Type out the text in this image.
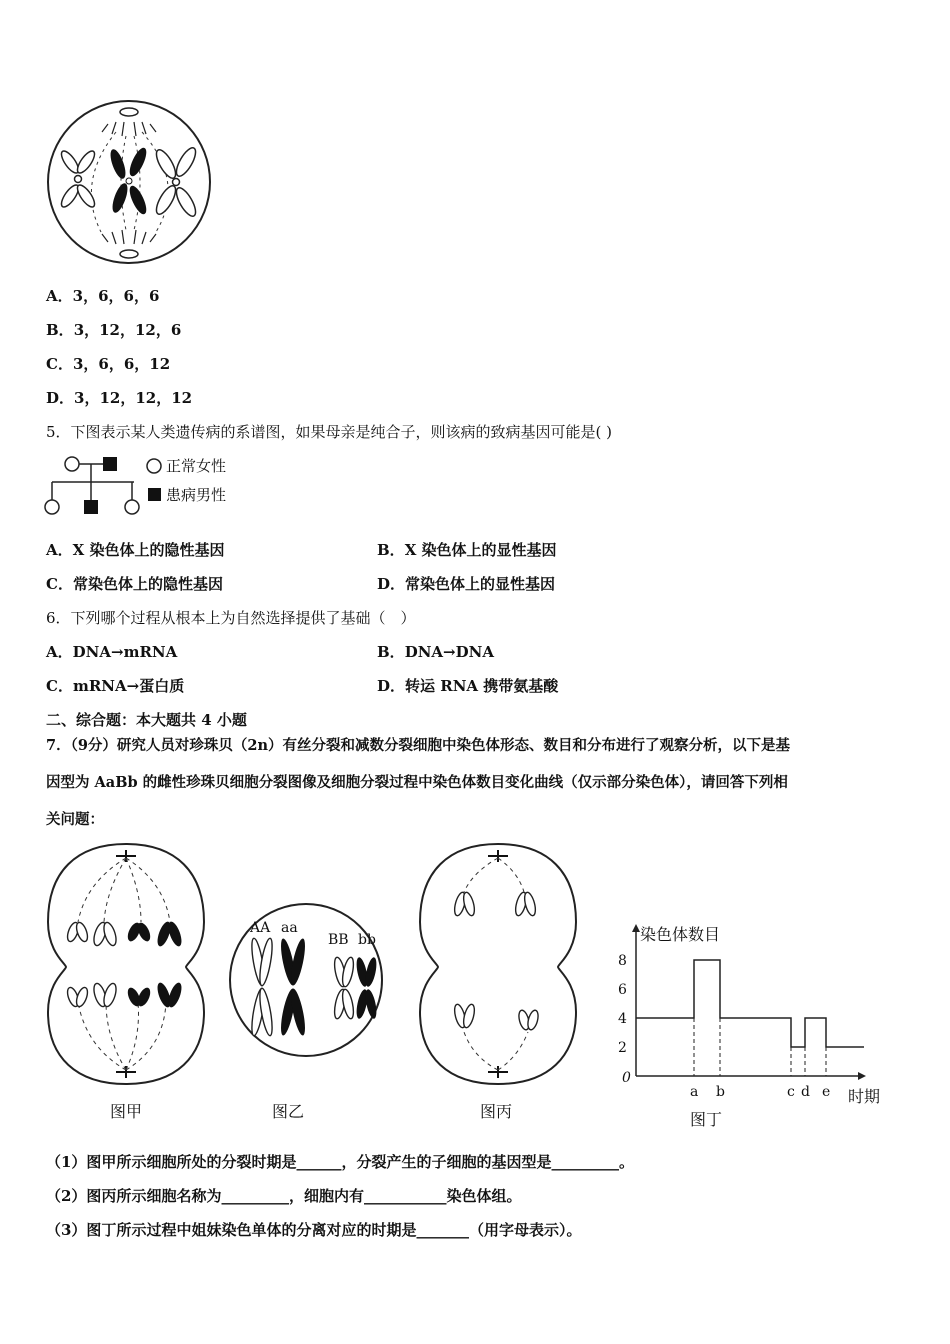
A．3，6，6，6
B．3，12，12，6
C．3，6，6，12
D．3，12，12，12
5．下图表示某人类遗传病的系谱图，如果母亲是纯合子，则该病的致病基因可能是( )
正常女性
患病男性
A．X 染色体上的隐性基因	B．X 染色体上的显性基因
C．常染色体上的隐性基因	D．常染色体上的显性基因
6．下列哪个过程从根本上为自然选择提供了基础（　）
A．DNA→mRNA	B．DNA→DNA
C．mRNA→蛋白质	D．转运 RNA 携带氨基酸
二、综合题：本大题共 4 小题
7．（9分）研究人员对珍珠贝（2n）有丝分裂和减数分裂细胞中染色体形态、数目和分布进行了观察分析，以下是基
因型为 AaBb 的雌性珍珠贝细胞分裂图像及细胞分裂过程中染色体数目变化曲线（仅示部分染色体），请回答下列相
关问题：
图甲
AA aa
BB bb
图乙	图丙
染色体数目
时期
0
2
4
6
8
a b	c d e
图丁
（1）图甲所示细胞所处的分裂时期是______，分裂产生的子细胞的基因型是_________。
（2）图丙所示细胞名称为_________，细胞内有___________染色体组。
（3）图丁所示过程中姐妹染色单体的分离对应的时期是_______（用字母表示）。
